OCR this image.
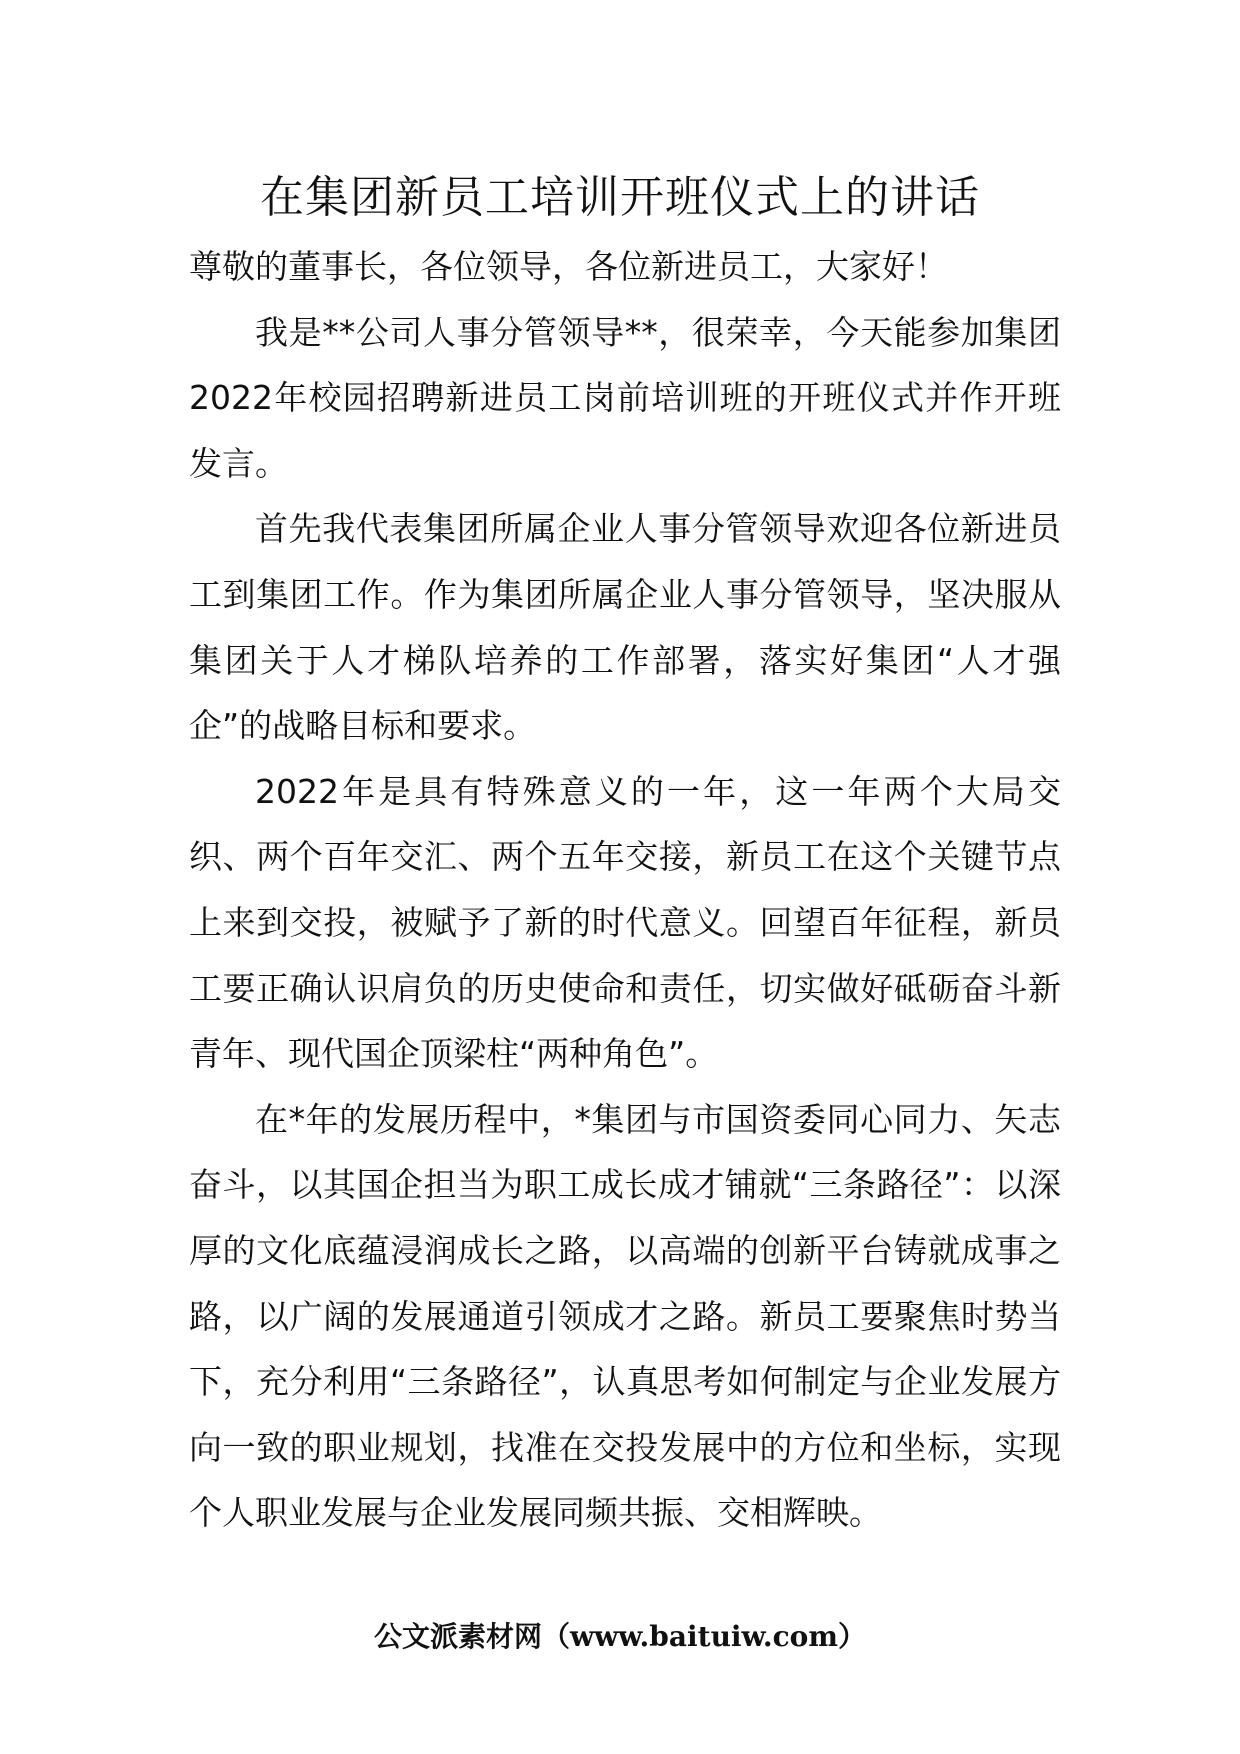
在集团新员工培训开班仪式上的讲话

尊敬的董事长，各位领导，各位新进员工，大家好！

我是**公司人事分管领导**，很荣幸，今天能参加集团2022年校园招聘新进员工岗前培训班的开班仪式并作开班发言。

首先我代表集团所属企业人事分管领导欢迎各位新进员工到集团工作。作为集团所属企业人事分管领导，坚决服从集团关于人才梯队培养的工作部署，落实好集团“人才强企”的战略目标和要求。

2022年是具有特殊意义的一年，这一年两个大局交织、两个百年交汇、两个五年交接，新员工在这个关键节点上来到交投，被赋予了新的时代意义。回望百年征程，新员工要正确认识肩负的历史使命和责任，切实做好砥砺奋斗新青年、现代国企顶梁柱“两种角色”。

在*年的发展历程中，*集团与市国资委同心同力、矢志奋斗，以其国企担当为职工成长成才铺就“三条路径”：以深厚的文化底蕴浸润成长之路，以高端的创新平台铸就成事之路，以广阔的发展通道引领成才之路。新员工要聚焦时势当下，充分利用“三条路径”，认真思考如何制定与企业发展方向一致的职业规划，找准在交投发展中的方位和坐标，实现个人职业发展与企业发展同频共振、交相辉映。

公文派素材网（www.baituiw.com）
